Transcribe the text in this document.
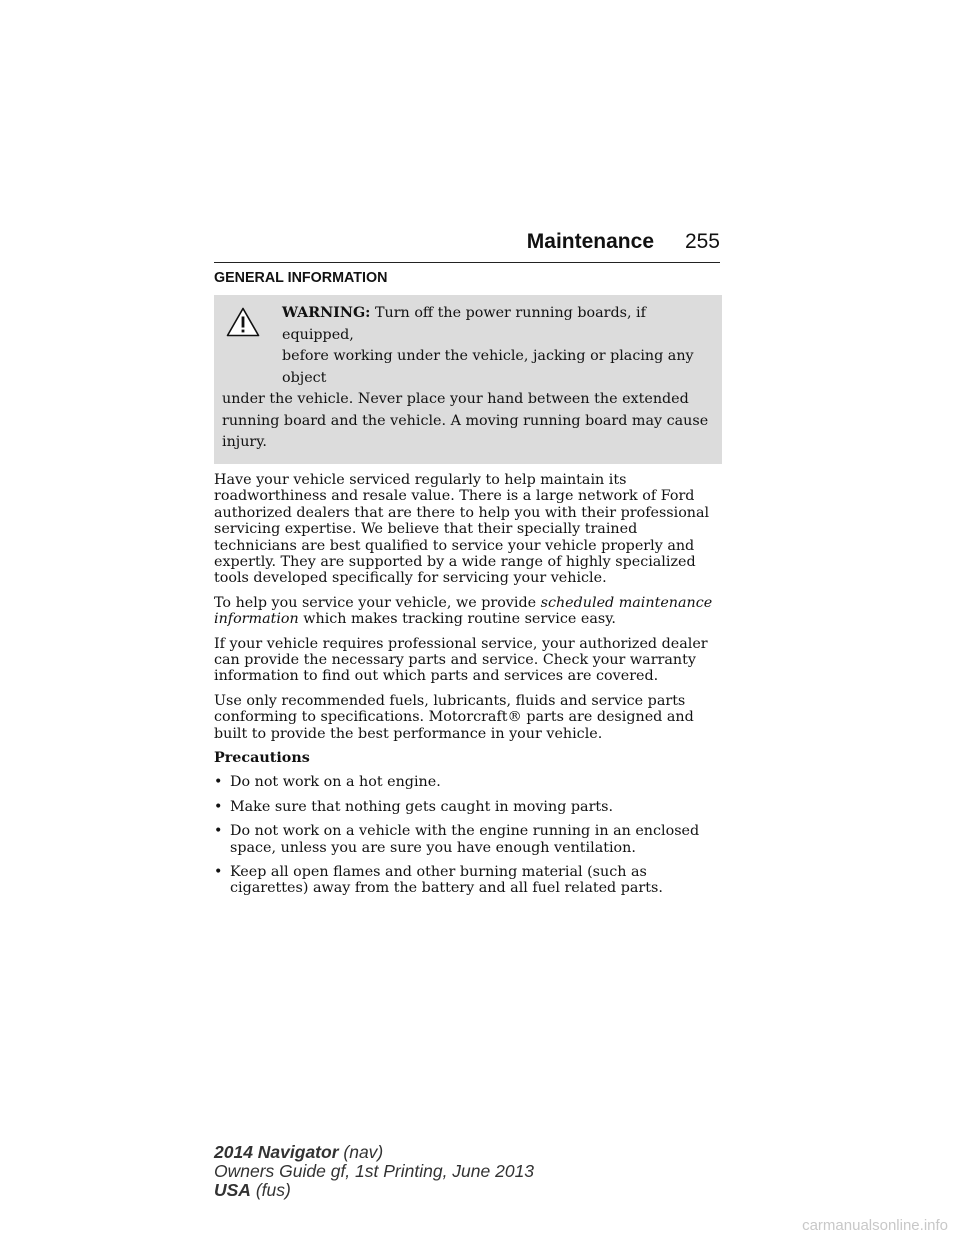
Maintenance 255
GENERAL INFORMATION
WARNING: Turn off the power running boards, if equipped,
before working under the vehicle, jacking or placing any object
under the vehicle. Never place your hand between the extended running board and the vehicle. A moving running board may cause injury.

Have your vehicle serviced regularly to help maintain its roadworthiness and resale value. There is a large network of Ford authorized dealers that are there to help you with their professional servicing expertise. We believe that their specially trained technicians are best qualified to service your vehicle properly and expertly. They are supported by a wide range of highly specialized tools developed specifically for servicing your vehicle.

To help you service your vehicle, we provide scheduled maintenance information which makes tracking routine service easy.

If your vehicle requires professional service, your authorized dealer can provide the necessary parts and service. Check your warranty information to find out which parts and services are covered.

Use only recommended fuels, lubricants, fluids and service parts conforming to specifications. Motorcraft® parts are designed and built to provide the best performance in your vehicle.

Precautions
• Do not work on a hot engine.
• Make sure that nothing gets caught in moving parts.
• Do not work on a vehicle with the engine running in an enclosed space, unless you are sure you have enough ventilation.
• Keep all open flames and other burning material (such as cigarettes) away from the battery and all fuel related parts.
2014 Navigator (nav)
Owners Guide gf, 1st Printing, June 2013
USA (fus)
carmanualsonline.info
